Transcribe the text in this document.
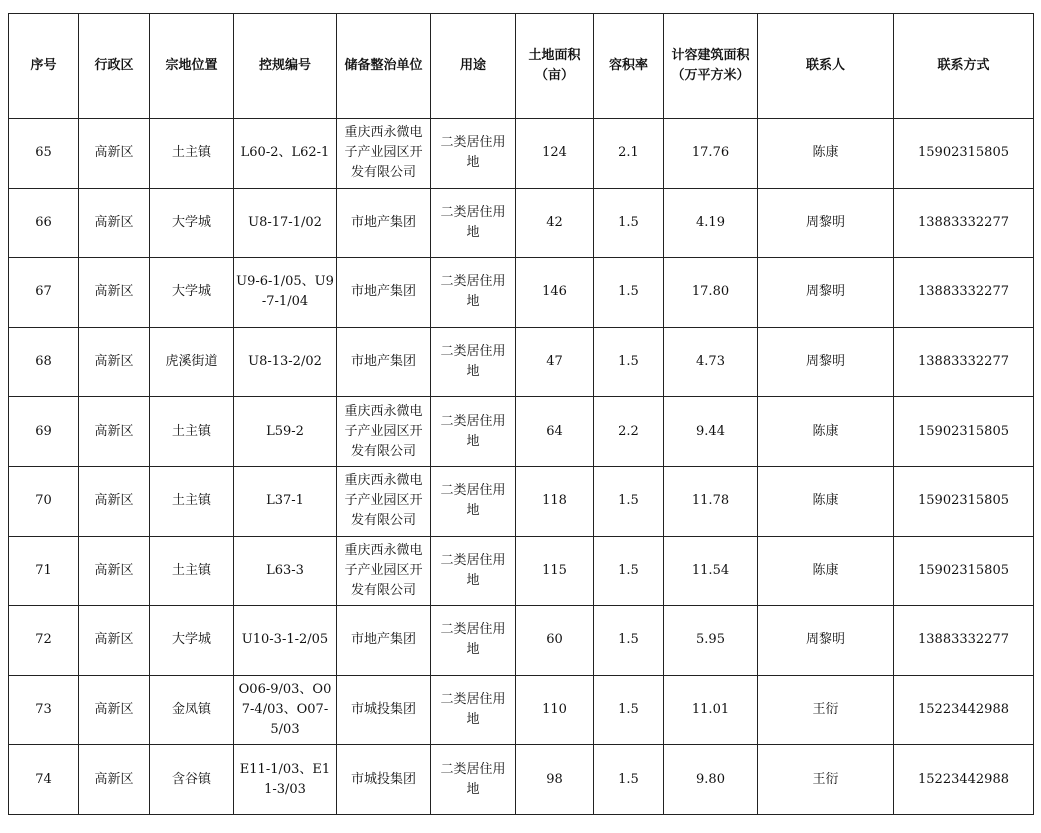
序号	行政区	宗地位置	控规编号	储备整治单位	用途	土地面积（亩）	容积率	计容建筑面积（万平方米）	联系人	联系方式
65	高新区	土主镇	L60-2、L62-1	重庆西永微电子产业园区开发有限公司	二类居住用地	124	2.1	17.76	陈康	15902315805
66	高新区	大学城	U8-17-1/02	市地产集团	二类居住用地	42	1.5	4.19	周黎明	13883332277
67	高新区	大学城	U9-6-1/05、U9-7-1/04	市地产集团	二类居住用地	146	1.5	17.80	周黎明	13883332277
68	高新区	虎溪街道	U8-13-2/02	市地产集团	二类居住用地	47	1.5	4.73	周黎明	13883332277
69	高新区	土主镇	L59-2	重庆西永微电子产业园区开发有限公司	二类居住用地	64	2.2	9.44	陈康	15902315805
70	高新区	土主镇	L37-1	重庆西永微电子产业园区开发有限公司	二类居住用地	118	1.5	11.78	陈康	15902315805
71	高新区	土主镇	L63-3	重庆西永微电子产业园区开发有限公司	二类居住用地	115	1.5	11.54	陈康	15902315805
72	高新区	大学城	U10-3-1-2/05	市地产集团	二类居住用地	60	1.5	5.95	周黎明	13883332277
73	高新区	金凤镇	O06-9/03、O07-4/03、O07-5/03	市城投集团	二类居住用地	110	1.5	11.01	王衍	15223442988
74	高新区	含谷镇	E11-1/03、E11-3/03	市城投集团	二类居住用地	98	1.5	9.80	王衍	15223442988
